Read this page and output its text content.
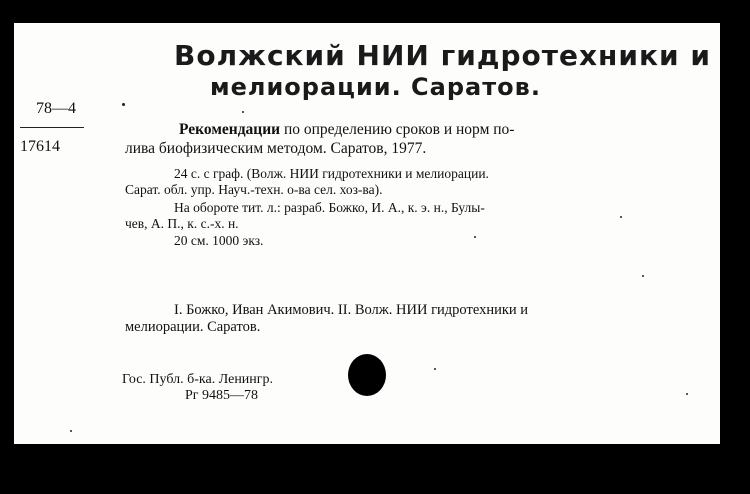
Волжский НИИ гидротехники и
мелиорации. Саратов.
78—4
17614
Рекомендации по определению сроков и норм по-
лива биофизическим методом. Саратов, 1977.
24 с. с граф. (Волж. НИИ гидротехники и мелиорации.
Сарат. обл. упр. Науч.-техн. о-ва сел. хоз-ва).
На обороте тит. л.: разраб. Божко, И. А., к. э. н., Булы-
чев, А. П., к. с.-х. н.
20 см. 1000 экз.
I. Божко, Иван Акимович. II. Волж. НИИ гидротехники и
мелиорации. Саратов.
Гос. Публ. б-ка. Ленингр.
Рг 9485—78
